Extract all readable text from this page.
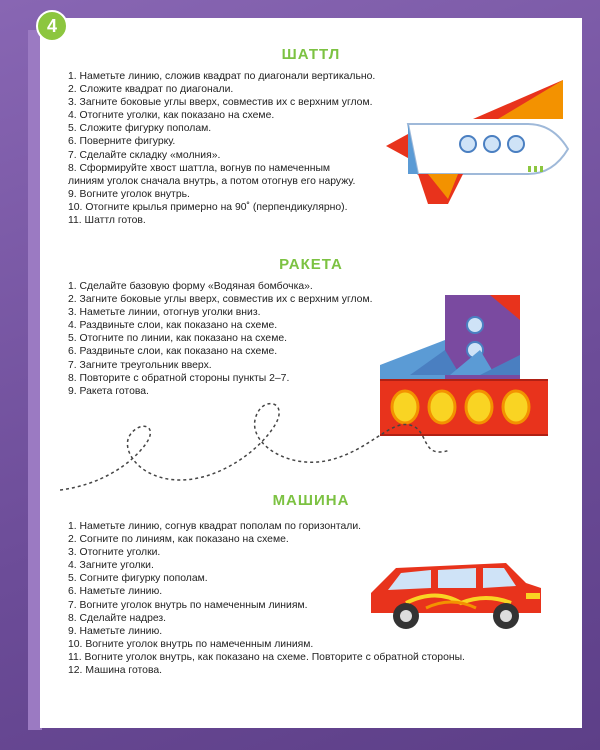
ШАТТЛ
1. Наметьте линию, сложив квадрат по диагонали вертикально.
2. Сложите квадрат по диагонали.
3. Загните боковые углы вверх, совместив их с верхним углом.
4. Отогните уголки, как показано на схеме.
5. Сложите фигурку пополам.
6. Поверните фигурку.
7. Сделайте складку «молния».
8. Сформируйте хвост шаттла, вогнув по намеченным
линиям уголок сначала внутрь, а потом отогнув его наружу.
9. Вогните уголок внутрь.
10. Отогните крылья примерно на 90˚ (перпендикулярно).
11. Шаттл готов.
РАКЕТА
1. Сделайте базовую форму «Водяная бомбочка».
2. Загните боковые углы вверх, совместив их с верхним углом.
3. Наметьте линии, отогнув уголки вниз.
4. Раздвиньте слои, как показано на схеме.
5. Отогните по линии, как показано на схеме.
6. Раздвиньте слои, как показано на схеме.
7. Загните треугольник вверх.
8. Повторите с обратной стороны пункты 2–7.
9. Ракета готова.
МАШИНА
1. Наметьте линию, согнув квадрат пополам по горизонтали.
2. Согните по линиям, как показано на схеме.
3. Отогните уголки.
4. Загните уголки.
5. Согните фигурку пополам.
6. Наметьте линию.
7. Вогните уголок внутрь по намеченным линиям.
8. Сделайте надрез.
9. Наметьте линию.
10. Вогните уголок внутрь по намеченным линиям.
11. Вогните уголок внутрь, как показано на схеме. Повторите с обратной стороны.
12. Машина готова.
4
